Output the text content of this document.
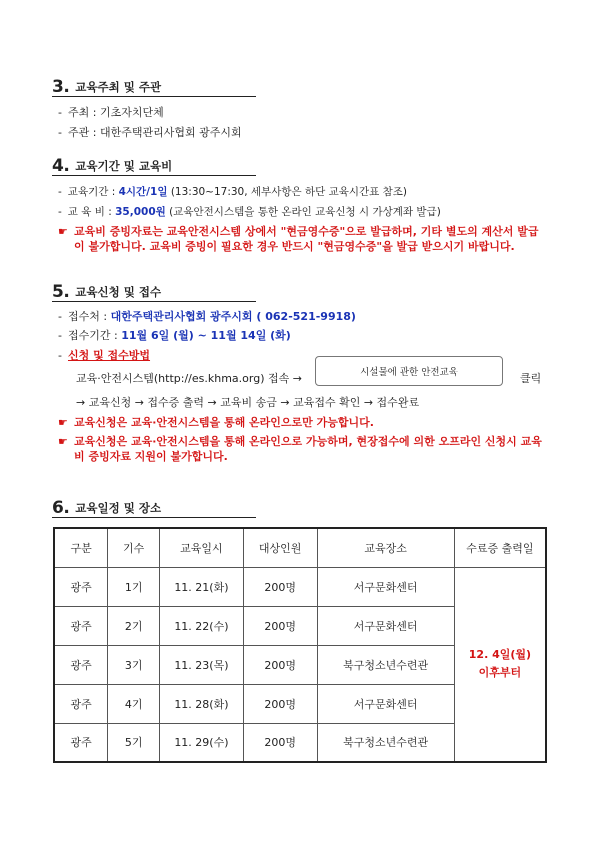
3. 교육주최 및 주관
- 주최 : 기초자치단체
- 주관 : 대한주택관리사협회 광주시회
4. 교육기간 및 교육비
- 교육기간 : 4시간/1일 (13:30~17:30, 세부사항은 하단 교육시간표 참조)
- 교 육 비 : 35,000원 (교육안전시스템을 통한 온라인 교육신청 시 가상계좌 발급)
☛ 교육비 증빙자료는 교육안전시스템 상에서 "현금영수증"으로 발급하며, 기타 별도의 계산서 발급이 불가합니다. 교육비 증빙이 필요한 경우 반드시 "현금영수증"을 발급 받으시기 바랍니다.
5. 교육신청 및 접수
- 접수처 : 대한주택관리사협회 광주시회 ( 062-521-9918)
- 접수기간 : 11월 6일 (월) ~ 11월 14일 (화)
- 신청 및 접수방법
교육·안전시스템(http://es.khma.org) 접속 →	시설물에 관한 안전교육	클릭
→ 교육신청 → 접수증 출력 → 교육비 송금 → 교육접수 확인 → 접수완료
☛ 교육신청은 교육·안전시스템을 통해 온라인으로만 가능합니다.
☛ 교육신청은 교육·안전시스템을 통해 온라인으로 가능하며, 현장접수에 의한 오프라인 신청시 교육비 증빙자료 지원이 불가합니다.
6. 교육일정 및 장소
구분	기수	교육일시	대상인원	교육장소	수료증 출력일
광주	1기	11. 21(화)	200명	서구문화센터	12. 4일(월)
이후부터

광주	2기	11. 22(수)	200명	서구문화센터	
광주	3기	11. 23(목)	200명	북구청소년수련관	
광주	4기	11. 28(화)	200명	서구문화센터	
광주	5기	11. 29(수)	200명	북구청소년수련관	
